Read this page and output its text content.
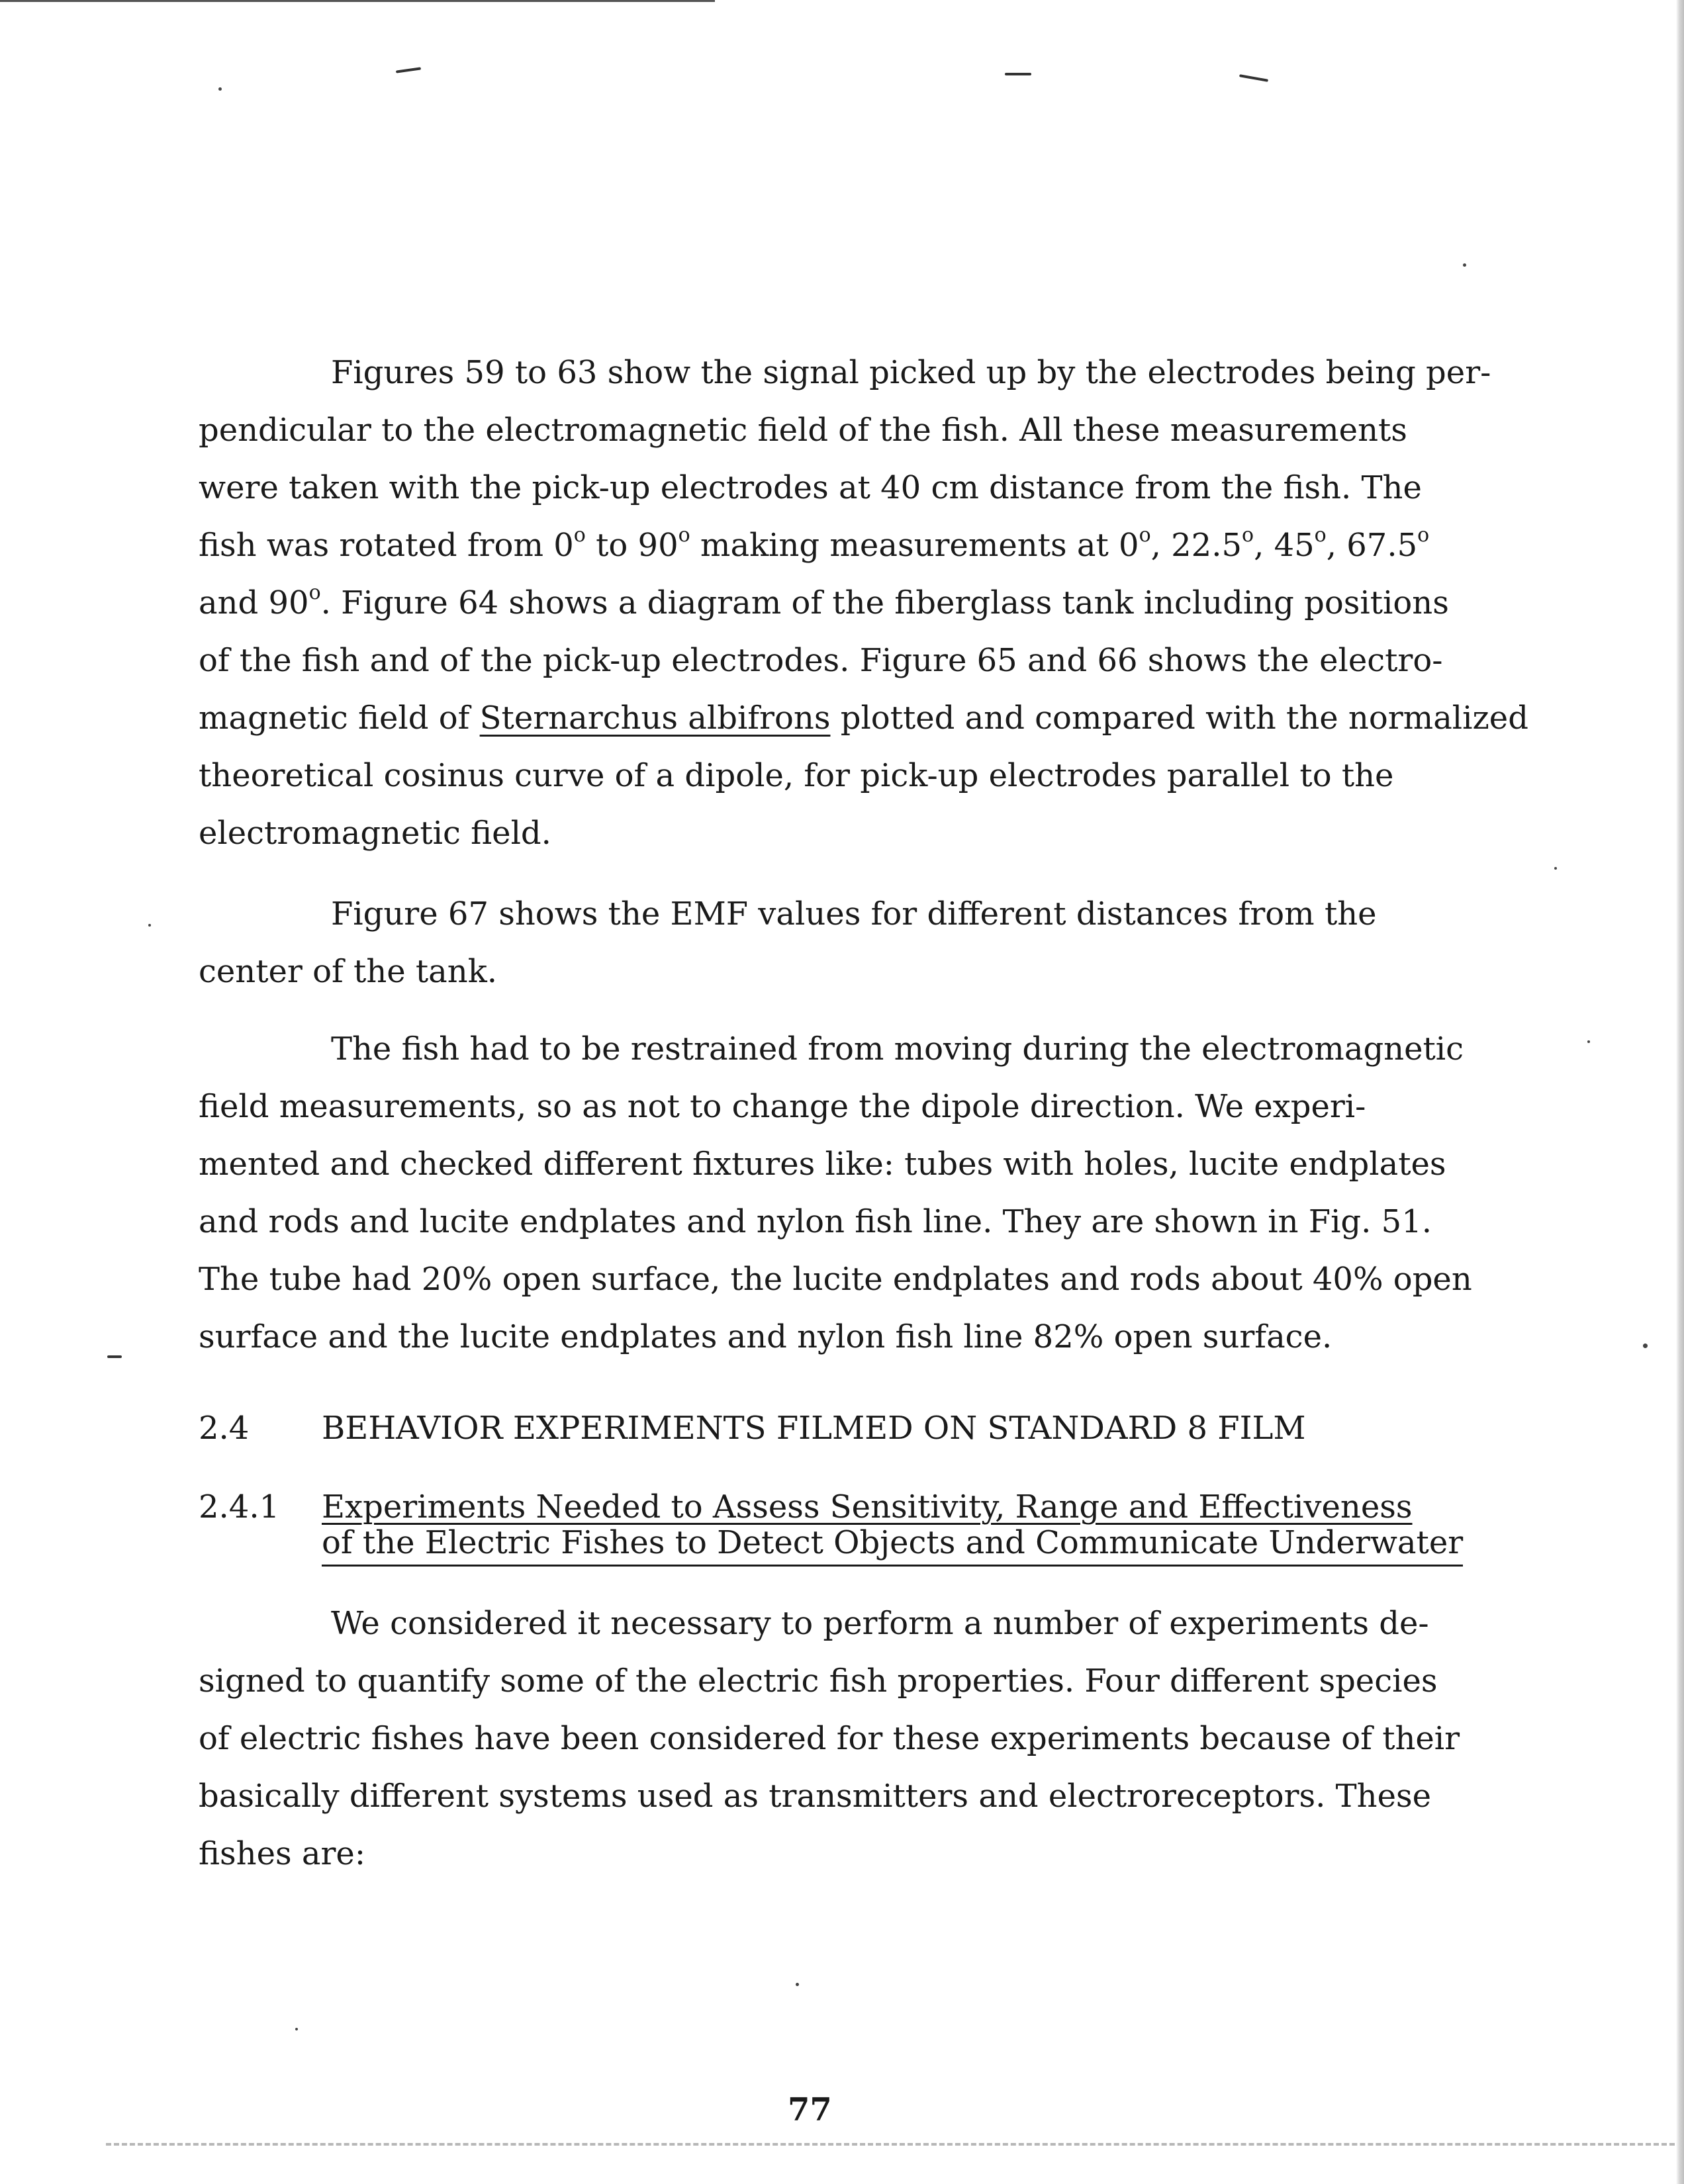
Figures 59 to 63 show the signal picked up by the electrodes being per-
pendicular to the electromagnetic field of the fish. All these measurements
were taken with the pick-up electrodes at 40 cm distance from the fish. The
fish was rotated from 0$^o$ to 90$^o$ making measurements at 0$^o$, 22.5$^o$, 45$^o$, 67.5$^o$
and 90$^o$. Figure 64 shows a diagram of the fiberglass tank including positions
of the fish and of the pick-up electrodes. Figure 65 and 66 shows the electro-
magnetic field of Sternarchus albifrons plotted and compared with the normalized
theoretical cosinus curve of a dipole, for pick-up electrodes parallel to the
electromagnetic field.

Figure 67 shows the EMF values for different distances from the
center of the tank.

The fish had to be restrained from moving during the electromagnetic
field measurements, so as not to change the dipole direction. We experi-
mented and checked different fixtures like: tubes with holes, lucite endplates
and rods and lucite endplates and nylon fish line. They are shown in Fig. 51.
The tube had 20% open surface, the lucite endplates and rods about 40% open
surface and the lucite endplates and nylon fish line 82% open surface.

2.4 BEHAVIOR EXPERIMENTS FILMED ON STANDARD 8 FILM
2.4.1	Experiments Needed to Assess Sensitivity, Range and Effectiveness
of the Electric Fishes to Detect Objects and Communicate Underwater

We considered it necessary to perform a number of experiments de-
signed to quantify some of the electric fish properties. Four different species
of electric fishes have been considered for these experiments because of their
basically different systems used as transmitters and electroreceptors. These
fishes are:

77
